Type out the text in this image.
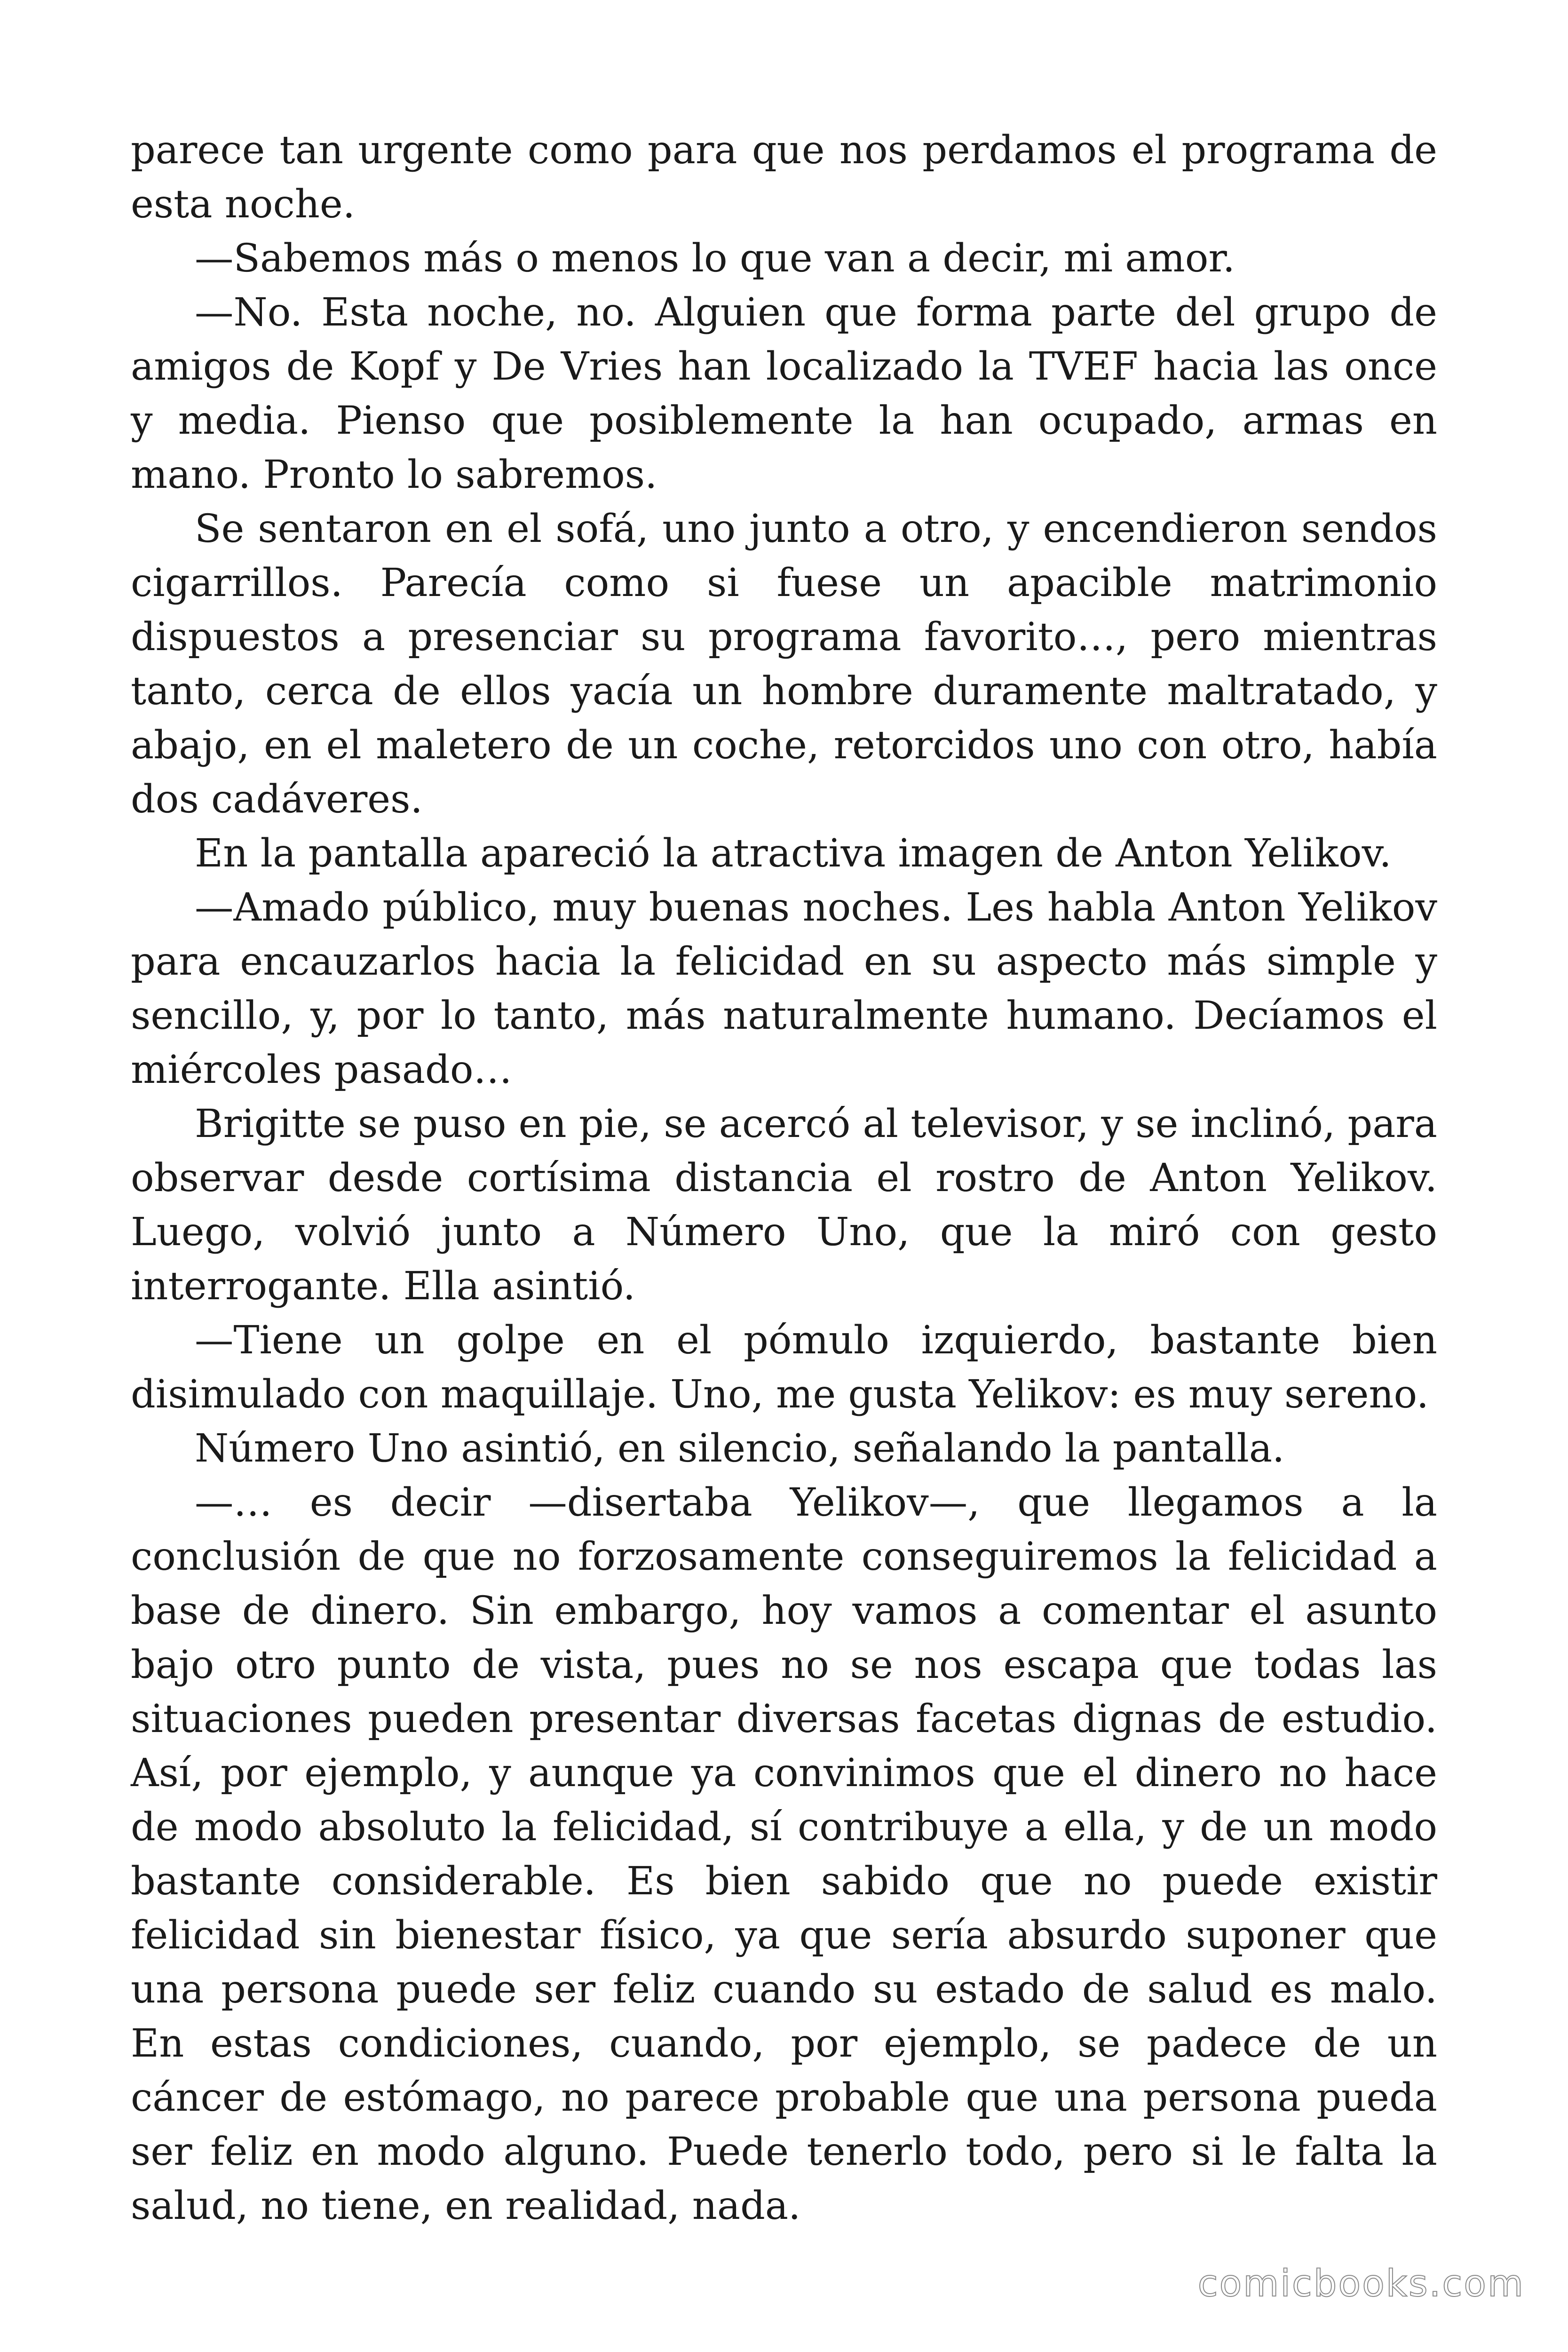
parece tan urgente como para que nos perdamos el programa de esta noche.

—Sabemos más o menos lo que van a decir, mi amor.

—No. Esta noche, no. Alguien que forma parte del grupo de amigos de Kopf y De Vries han localizado la TVEF hacia las once y media. Pienso que posiblemente la han ocupado, armas en mano. Pronto lo sabremos.

Se sentaron en el sofá, uno junto a otro, y encendieron sendos cigarrillos. Parecía como si fuese un apacible matrimonio dispuestos a presenciar su programa favorito…, pero mientras tanto, cerca de ellos yacía un hombre duramente maltratado, y abajo, en el maletero de un coche, retorcidos uno con otro, había dos cadáveres.

En la pantalla apareció la atractiva imagen de Anton Yelikov.

—Amado público, muy buenas noches. Les habla Anton Yelikov para encauzarlos hacia la felicidad en su aspecto más simple y sencillo, y, por lo tanto, más naturalmente humano. Decíamos el miércoles pasado…

Brigitte se puso en pie, se acercó al televisor, y se inclinó, para observar desde cortísima distancia el rostro de Anton Yelikov. Luego, volvió junto a Número Uno, que la miró con gesto interrogante. Ella asintió.

—Tiene un golpe en el pómulo izquierdo, bastante bien disimulado con maquillaje. Uno, me gusta Yelikov: es muy sereno.

Número Uno asintió, en silencio, señalando la pantalla.

—… es decir —disertaba Yelikov—, que llegamos a la conclusión de que no forzosamente conseguiremos la felicidad a base de dinero. Sin embargo, hoy vamos a comentar el asunto bajo otro punto de vista, pues no se nos escapa que todas las situaciones pueden presentar diversas facetas dignas de estudio. Así, por ejemplo, y aunque ya convinimos que el dinero no hace de modo absoluto la felicidad, sí contribuye a ella, y de un modo bastante considerable. Es bien sabido que no puede existir felicidad sin bienestar físico, ya que sería absurdo suponer que una persona puede ser feliz cuando su estado de salud es malo. En estas condiciones, cuando, por ejemplo, se padece de un cáncer de estómago, no parece probable que una persona pueda ser feliz en modo alguno. Puede tenerlo todo, pero si le falta la salud, no tiene, en realidad, nada.

comicbooks.com
